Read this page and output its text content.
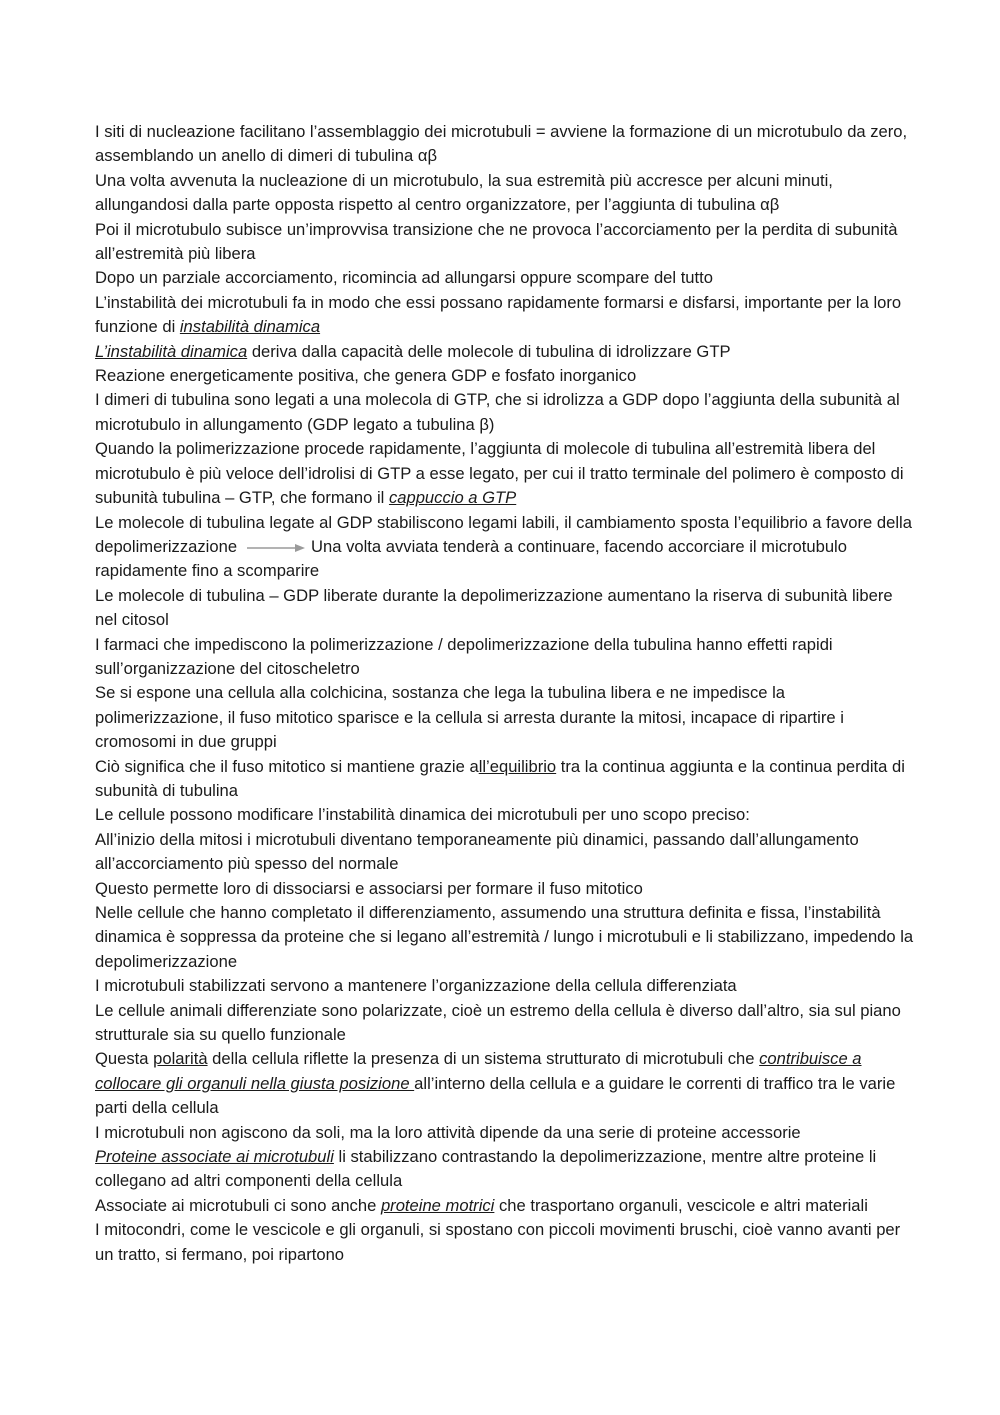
I siti di nucleazione facilitano l’assemblaggio dei microtubuli = avviene la formazione di un microtubulo da zero, assemblando un anello di dimeri di tubulina αβ

Una volta avvenuta la nucleazione di un microtubulo, la sua estremità più accresce per alcuni minuti, allungandosi dalla parte opposta rispetto al centro organizzatore, per l’aggiunta di tubulina αβ

Poi il microtubulo subisce un’improvvisa transizione che ne provoca l’accorciamento per la perdita di subunità all’estremità più libera

Dopo un parziale accorciamento, ricomincia ad allungarsi oppure scompare del tutto

L’instabilità dei microtubuli fa in modo che essi possano rapidamente formarsi e disfarsi, importante per la loro funzione di instabilità dinamica

L’instabilità dinamica deriva dalla capacità delle molecole di tubulina di idrolizzare GTP

Reazione energeticamente positiva, che genera GDP e fosfato inorganico

I dimeri di tubulina sono legati a una molecola di GTP, che si idrolizza a GDP dopo l’aggiunta della subunità al microtubulo in allungamento (GDP legato a tubulina β)

Quando la polimerizzazione procede rapidamente, l’aggiunta di molecole di tubulina all’estremità libera del microtubulo è più veloce dell’idrolisi di GTP a esse legato, per cui il tratto terminale del polimero è composto di subunità tubulina – GTP, che formano il cappuccio a GTP

Le molecole di tubulina legate al GDP stabiliscono legami labili, il cambiamento sposta l’equilibrio a favore della depolimerizzazione	Una volta avviata tenderà a continuare, facendo accorciare il microtubulo rapidamente fino a scomparire

Le molecole di tubulina – GDP liberate durante la depolimerizzazione aumentano la riserva di subunità libere nel citosol

I farmaci che impediscono la polimerizzazione / depolimerizzazione della tubulina hanno effetti rapidi sull’organizzazione del citoscheletro

Se si espone una cellula alla colchicina, sostanza che lega la tubulina libera e ne impedisce la polimerizzazione, il fuso mitotico sparisce e la cellula si arresta durante la mitosi, incapace di ripartire i cromosomi in due gruppi

Ciò significa che il fuso mitotico si mantiene grazie all’equilibrio tra la continua aggiunta e la continua perdita di subunità di tubulina

Le cellule possono modificare l’instabilità dinamica dei microtubuli per uno scopo preciso:

All’inizio della mitosi i microtubuli diventano temporaneamente più dinamici, passando dall’allungamento all’accorciamento più spesso del normale

Questo permette loro di dissociarsi e associarsi per formare il fuso mitotico

Nelle cellule che hanno completato il differenziamento, assumendo una struttura definita e fissa, l’instabilità dinamica è soppressa da proteine che si legano all’estremità / lungo i microtubuli e li stabilizzano, impedendo la depolimerizzazione

I microtubuli stabilizzati servono a mantenere l’organizzazione della cellula differenziata

Le cellule animali differenziate sono polarizzate, cioè un estremo della cellula è diverso dall’altro, sia sul piano strutturale sia su quello funzionale

Questa polarità della cellula riflette la presenza di un sistema strutturato di microtubuli che contribuisce a collocare gli organuli nella giusta posizione all’interno della cellula e a guidare le correnti di traffico tra le varie parti della cellula

I microtubuli non agiscono da soli, ma la loro attività dipende da una serie di proteine accessorie

Proteine associate ai microtubuli li stabilizzano contrastando la depolimerizzazione, mentre altre proteine li collegano ad altri componenti della cellula

Associate ai microtubuli ci sono anche proteine motrici che trasportano organuli, vescicole e altri materiali

I mitocondri, come le vescicole e gli organuli, si spostano con piccoli movimenti bruschi, cioè vanno avanti per un tratto, si fermano, poi ripartono
